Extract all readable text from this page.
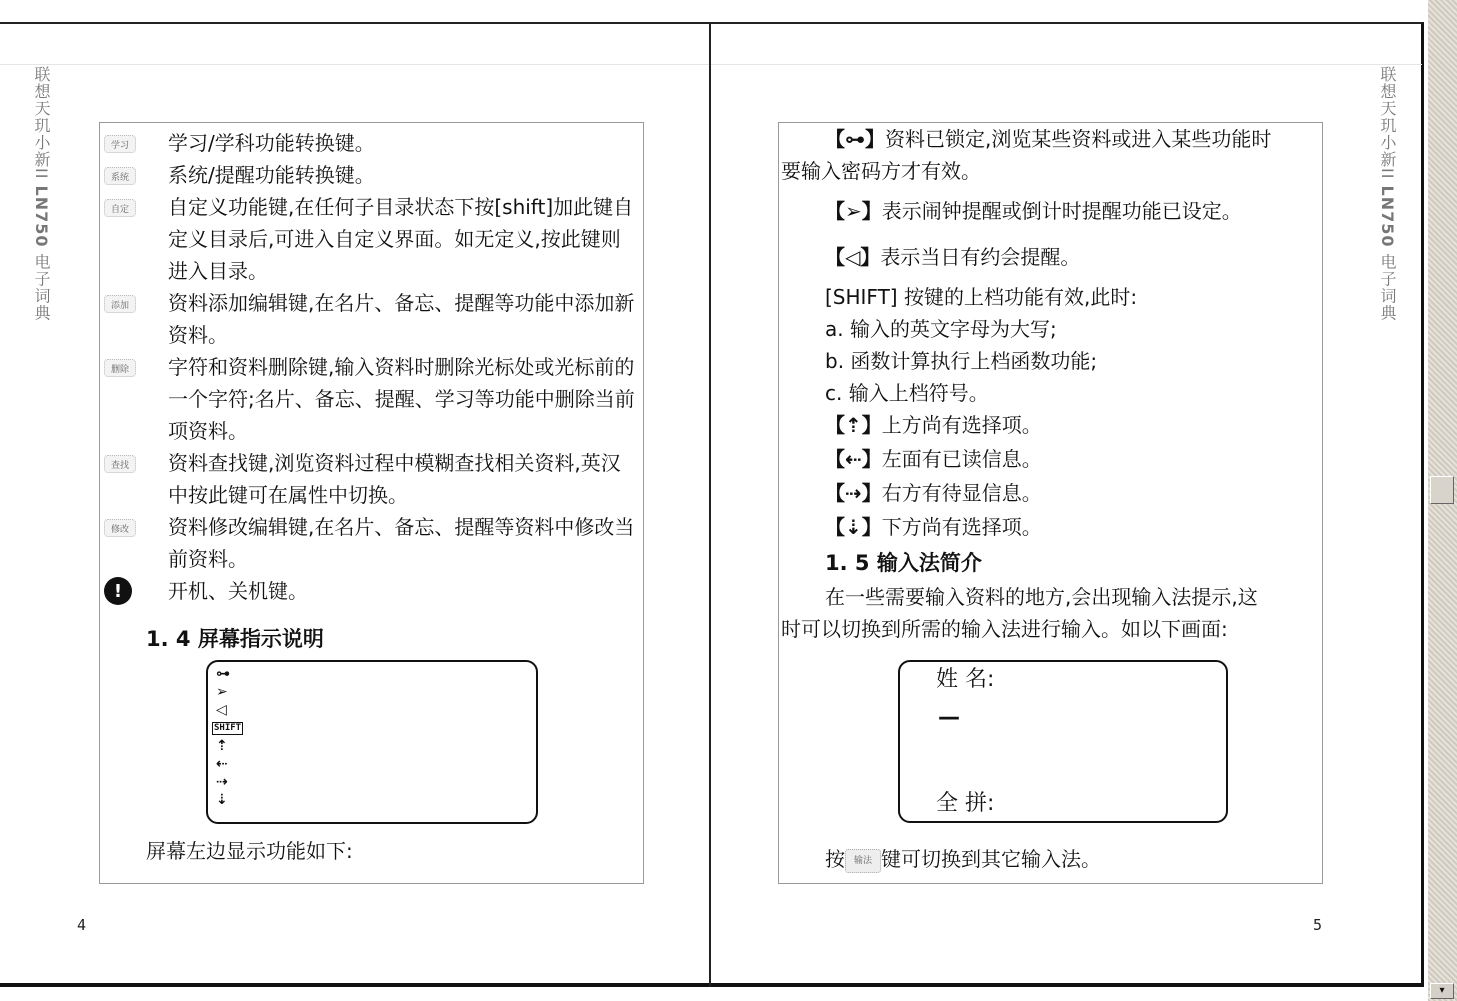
联想天玑小新II LN750 电子词典
联想天玑小新II LN750 电子词典
学习	学习/学科功能转换键。
系统	系统/提醒功能转换键。
自定	自定义功能键,在任何子目录状态下按[shift]加此键自定义目录后,可进入自定义界面。如无定义,按此键则进入目录。
添加	资料添加编辑键,在名片、备忘、提醒等功能中添加新资料。
删除	字符和资料删除键,输入资料时删除光标处或光标前的一个字符;名片、备忘、提醒、学习等功能中删除当前项资料。
查找	资料查找键,浏览资料过程中模糊查找相关资料,英汉中按此键可在属性中切换。
修改	资料修改编辑键,在名片、备忘、提醒等资料中修改当前资料。
!	开机、关机键。
1. 4 屏幕指示说明
⊶
➢
◁
SHIFT
⇡
⇠
⇢
⇣
屏幕左边显示功能如下:
4
【⊶】资料已锁定,浏览某些资料或进入某些功能时
要输入密码方才有效。
【➢】表示闹钟提醒或倒计时提醒功能已设定。
【◁】表示当日有约会提醒。
[SHIFT] 按键的上档功能有效,此时:
a. 输入的英文字母为大写;
b. 函数计算执行上档函数功能;
c. 输入上档符号。
【⇡】上方尚有选择项。
【⇠】左面有已读信息。
【⇢】右方有待显信息。
【⇣】下方尚有选择项。
1. 5 输入法简介
在一些需要输入资料的地方,会出现输入法提示,这
时可以切换到所需的输入法进行输入。如以下画面:
姓 名:
—
全 拼:
按 输法 键可切换到其它输入法。
5
▾
